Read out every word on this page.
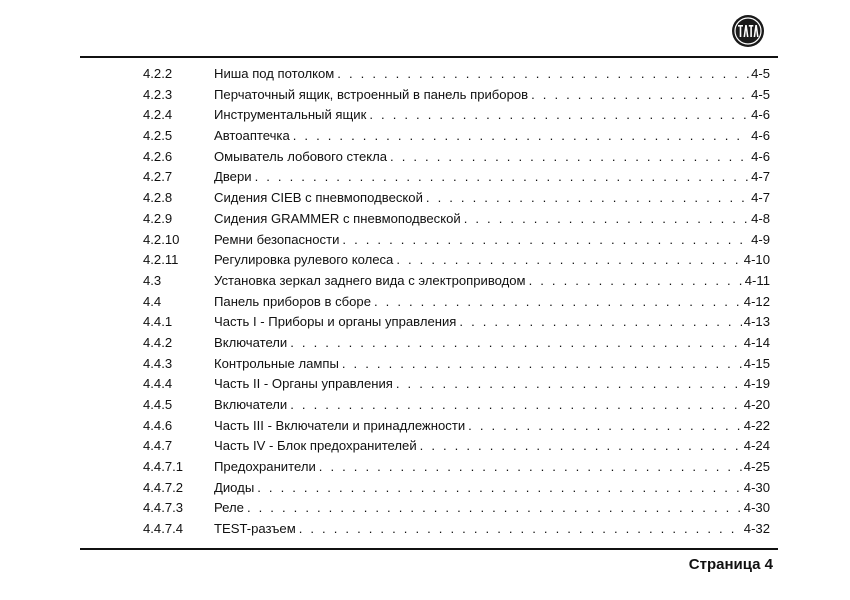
4.2.2	Ниша под потолком . . .	4-5
4.2.3	Перчаточный ящик, встроенный в панель приборов . . .	4-5
4.2.4	Инструментальный ящик . . .	4-6
4.2.5	Автоаптечка . . .	4-6
4.2.6	Омыватель лобового стекла . . .	4-6
4.2.7	Двери . . .	4-7
4.2.8	Сидения CIEB с пневмоподвеской . . .	4-7
4.2.9	Сидения GRAMMER с пневмоподвеской . . .	4-8
4.2.10	Ремни безопасности . . .	4-9
4.2.11	Регулировка рулевого колеса . . .	4-10
4.3	Установка зеркал заднего вида с электроприводом . . .	4-11
4.4	Панель приборов в сборе . . .	4-12
4.4.1	Часть I - Приборы и органы управления . . .	4-13
4.4.2	Включатели . . .	4-14
4.4.3	Контрольные лампы . . .	4-15
4.4.4	Часть II - Органы управления . . .	4-19
4.4.5	Включатели . . .	4-20
4.4.6	Часть III - Включатели и принадлежности . . .	4-22
4.4.7	Часть IV - Блок предохранителей . . .	4-24
4.4.7.1	Предохранители . . .	4-25
4.4.7.2	Диоды . . .	4-30
4.4.7.3	Реле . . .	4-30
4.4.7.4	TEST-разъем . . .	4-32
Страница 4
